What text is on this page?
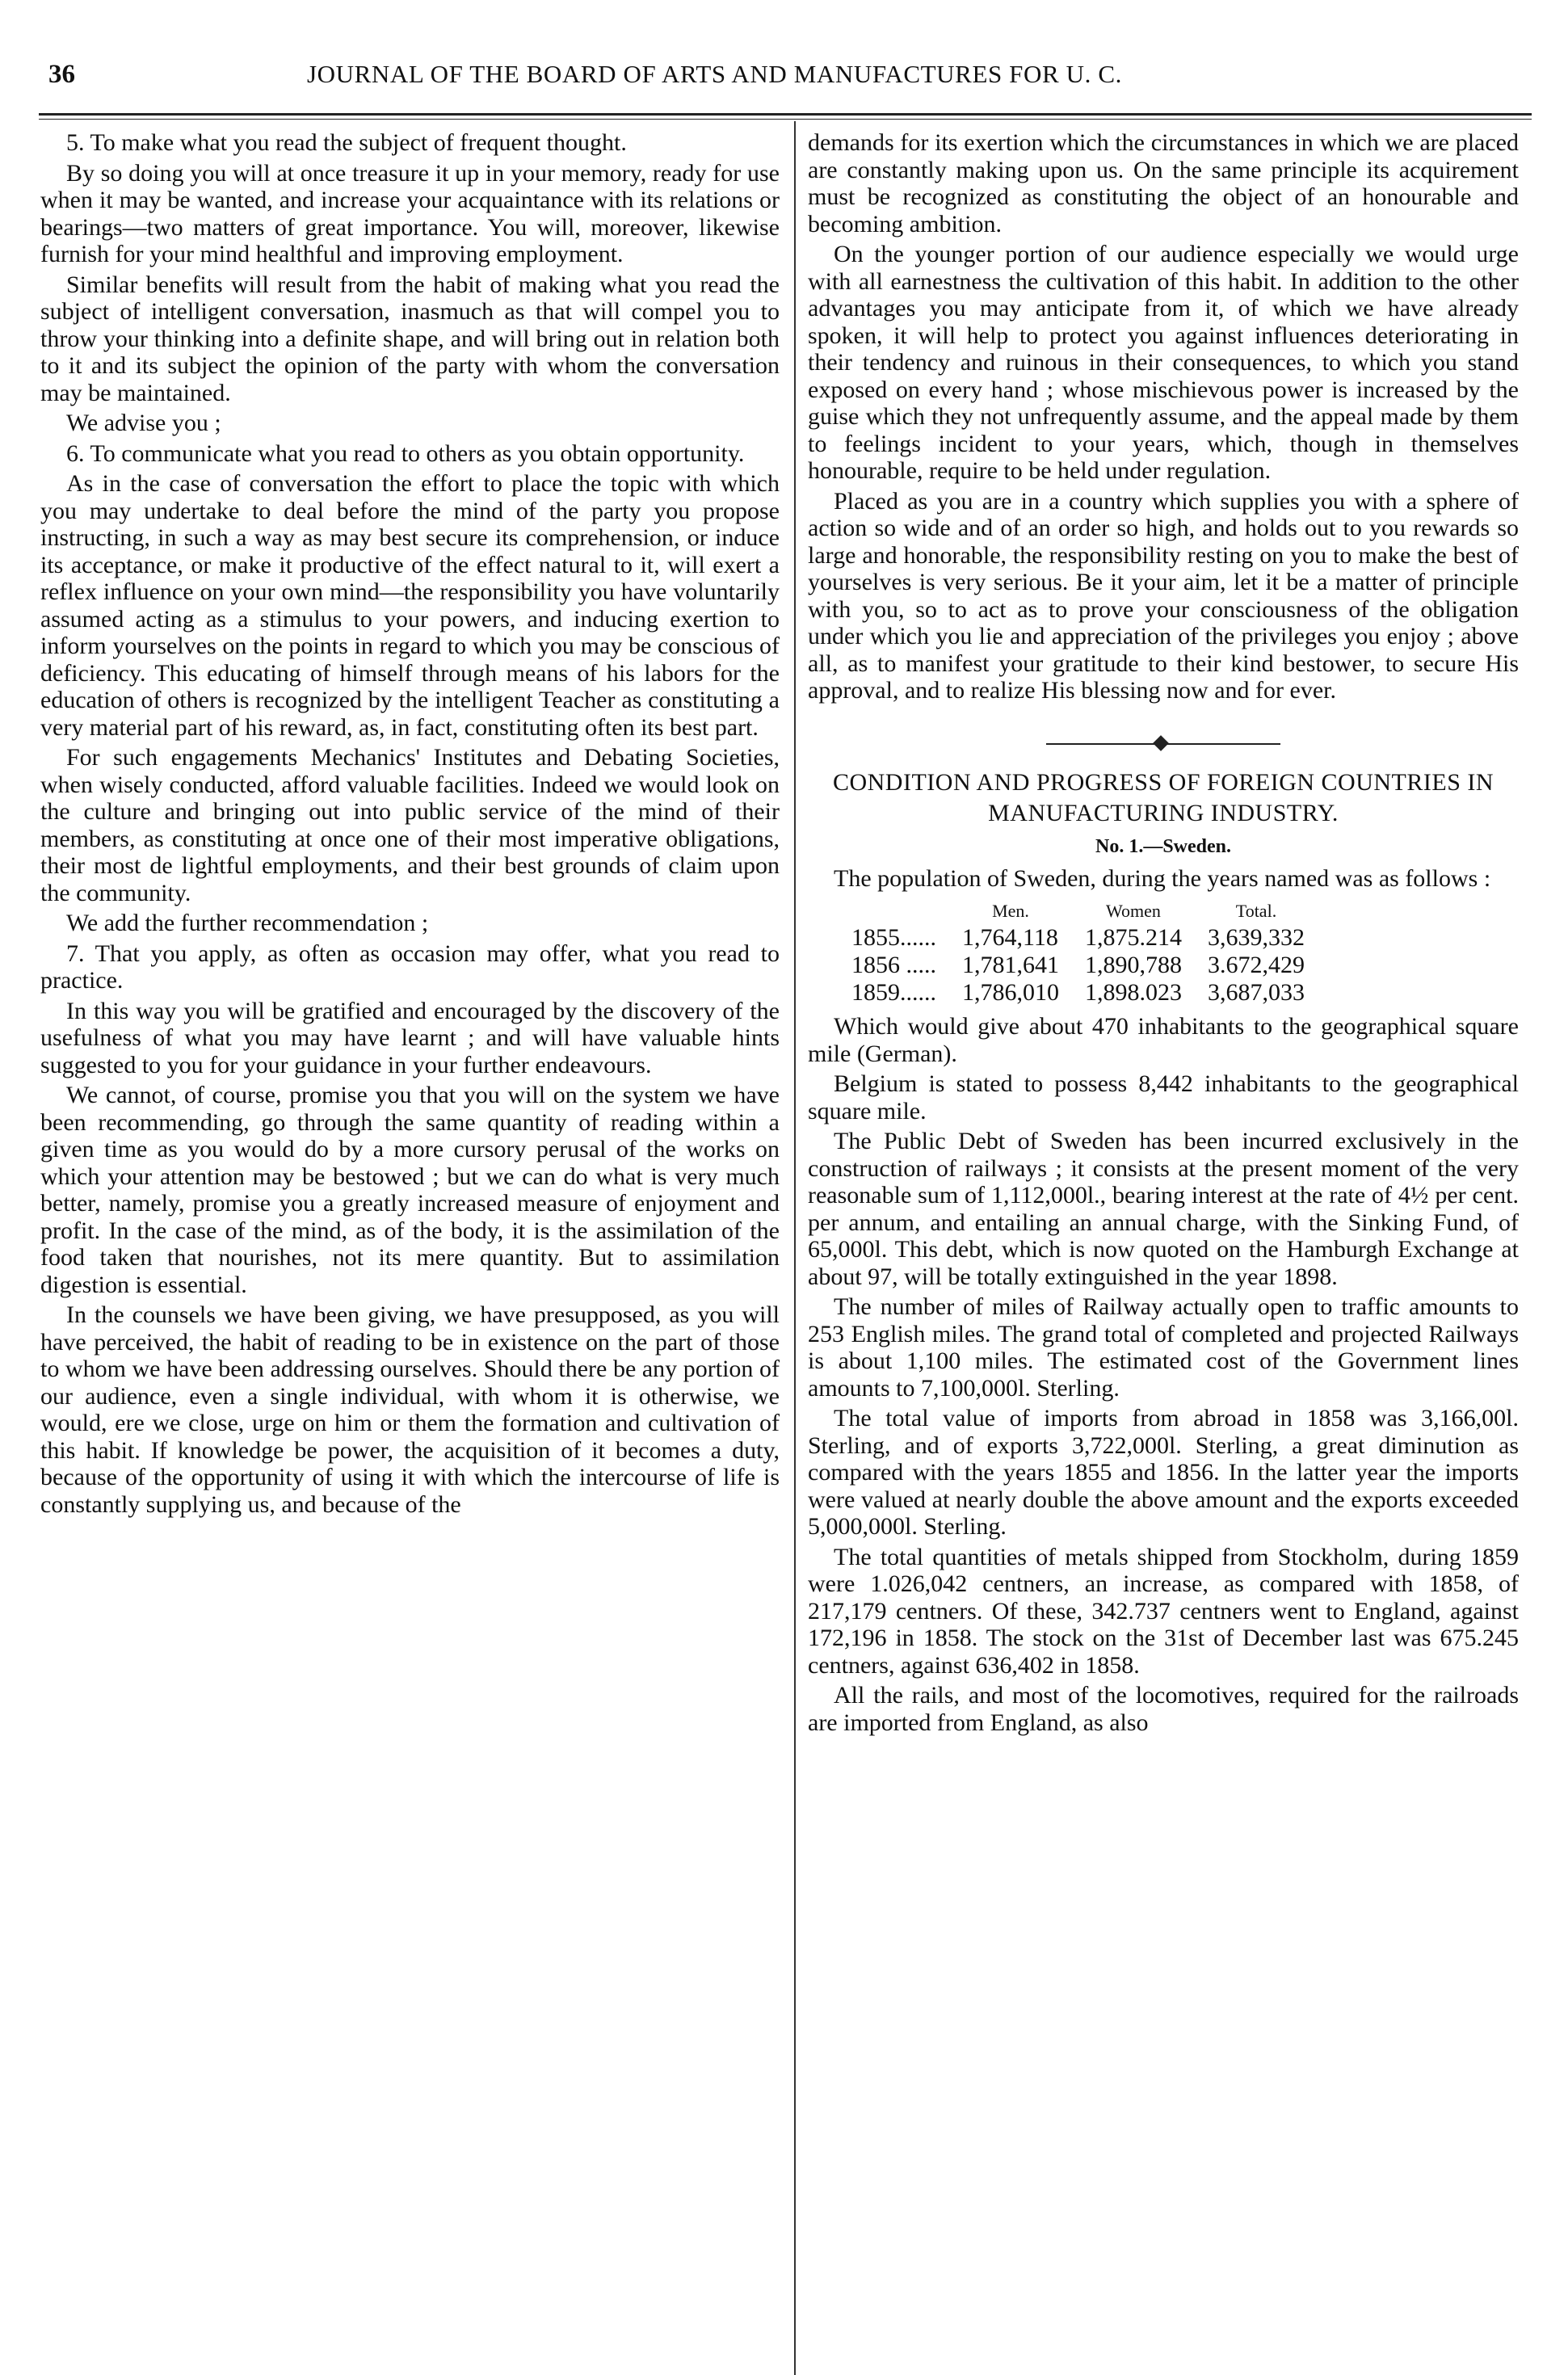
36	JOURNAL OF THE BOARD OF ARTS AND MANUFACTURES FOR U. C.

5. To make what you read the subject of frequent thought.

By so doing you will at once treasure it up in your memory, ready for use when it may be wanted, and increase your acquaintance with its relations or bearings—two matters of great importance. You will, moreover, likewise furnish for your mind healthful and improving employment.

Similar benefits will result from the habit of making what you read the subject of intelligent conversation, inasmuch as that will compel you to throw your thinking into a definite shape, and will bring out in relation both to it and its subject the opinion of the party with whom the conversation may be maintained.

We advise you ;

6. To communicate what you read to others as you obtain opportunity.

As in the case of conversation the effort to place the topic with which you may undertake to deal before the mind of the party you propose instructing, in such a way as may best secure its comprehension, or induce its acceptance, or make it productive of the effect natural to it, will exert a reflex influence on your own mind—the responsibility you have voluntarily assumed acting as a stimulus to your powers, and inducing exertion to inform yourselves on the points in regard to which you may be conscious of deficiency. This educating of himself through means of his labors for the education of others is recognized by the intelligent Teacher as constituting a very material part of his reward, as, in fact, constituting often its best part.

For such engagements Mechanics' Institutes and Debating Societies, when wisely conducted, afford valuable facilities. Indeed we would look on the culture and bringing out into public service of the mind of their members, as constituting at once one of their most imperative obligations, their most de lightful employments, and their best grounds of claim upon the community.

We add the further recommendation ;

7. That you apply, as often as occasion may offer, what you read to practice.

In this way you will be gratified and encouraged by the discovery of the usefulness of what you may have learnt ; and will have valuable hints suggested to you for your guidance in your further endeavours.

We cannot, of course, promise you that you will on the system we have been recommending, go through the same quantity of reading within a given time as you would do by a more cursory perusal of the works on which your attention may be bestowed ; but we can do what is very much better, namely, promise you a greatly increased measure of enjoyment and profit. In the case of the mind, as of the body, it is the assimilation of the food taken that nourishes, not its mere quantity. But to assimilation digestion is essential.

In the counsels we have been giving, we have presupposed, as you will have perceived, the habit of reading to be in existence on the part of those to whom we have been addressing ourselves. Should there be any portion of our audience, even a single individual, with whom it is otherwise, we would, ere we close, urge on him or them the formation and cultivation of this habit. If knowledge be power, the acquisition of it becomes a duty, because of the opportunity of using it with which the intercourse of life is constantly supplying us, and because of the

demands for its exertion which the circumstances in which we are placed are constantly making upon us. On the same principle its acquirement must be recognized as constituting the object of an honourable and becoming ambition.

On the younger portion of our audience especially we would urge with all earnestness the cultivation of this habit. In addition to the other advantages you may anticipate from it, of which we have already spoken, it will help to protect you against influences deteriorating in their tendency and ruinous in their consequences, to which you stand exposed on every hand ; whose mischievous power is increased by the guise which they not unfrequently assume, and the appeal made by them to feelings incident to your years, which, though in themselves honourable, require to be held under regulation.

Placed as you are in a country which supplies you with a sphere of action so wide and of an order so high, and holds out to you rewards so large and honorable, the responsibility resting on you to make the best of yourselves is very serious. Be it your aim, let it be a matter of principle with you, so to act as to prove your consciousness of the obligation under which you lie and appreciation of the privileges you enjoy ; above all, as to manifest your gratitude to their kind bestower, to secure His approval, and to realize His blessing now and for ever.

CONDITION AND PROGRESS OF FOREIGN COUNTRIES IN MANUFACTURING INDUSTRY.
No. 1.—Sweden.

The population of Sweden, during the years named was as follows :

	Men.	Women	Total.
1855......	1,764,118	1,875.214	3,639,332
1856 .....	1,781,641	1,890,788	3.672,429
1859......	1,786,010	1,898.023	3,687,033

Which would give about 470 inhabitants to the geographical square mile (German).

Belgium is stated to possess 8,442 inhabitants to the geographical square mile.

The Public Debt of Sweden has been incurred exclusively in the construction of railways ; it consists at the present moment of the very reasonable sum of 1,112,000l., bearing interest at the rate of 4½ per cent. per annum, and entailing an annual charge, with the Sinking Fund, of 65,000l. This debt, which is now quoted on the Hamburgh Exchange at about 97, will be totally extinguished in the year 1898.

The number of miles of Railway actually open to traffic amounts to 253 English miles. The grand total of completed and projected Railways is about 1,100 miles. The estimated cost of the Government lines amounts to 7,100,000l. Sterling.

The total value of imports from abroad in 1858 was 3,166,00l. Sterling, and of exports 3,722,000l. Sterling, a great diminution as compared with the years 1855 and 1856. In the latter year the imports were valued at nearly double the above amount and the exports exceeded 5,000,000l. Sterling.

The total quantities of metals shipped from Stockholm, during 1859 were 1.026,042 centners, an increase, as compared with 1858, of 217,179 centners. Of these, 342.737 centners went to England, against 172,196 in 1858. The stock on the 31st of December last was 675.245 centners, against 636,402 in 1858.

All the rails, and most of the locomotives, required for the railroads are imported from England, as also
